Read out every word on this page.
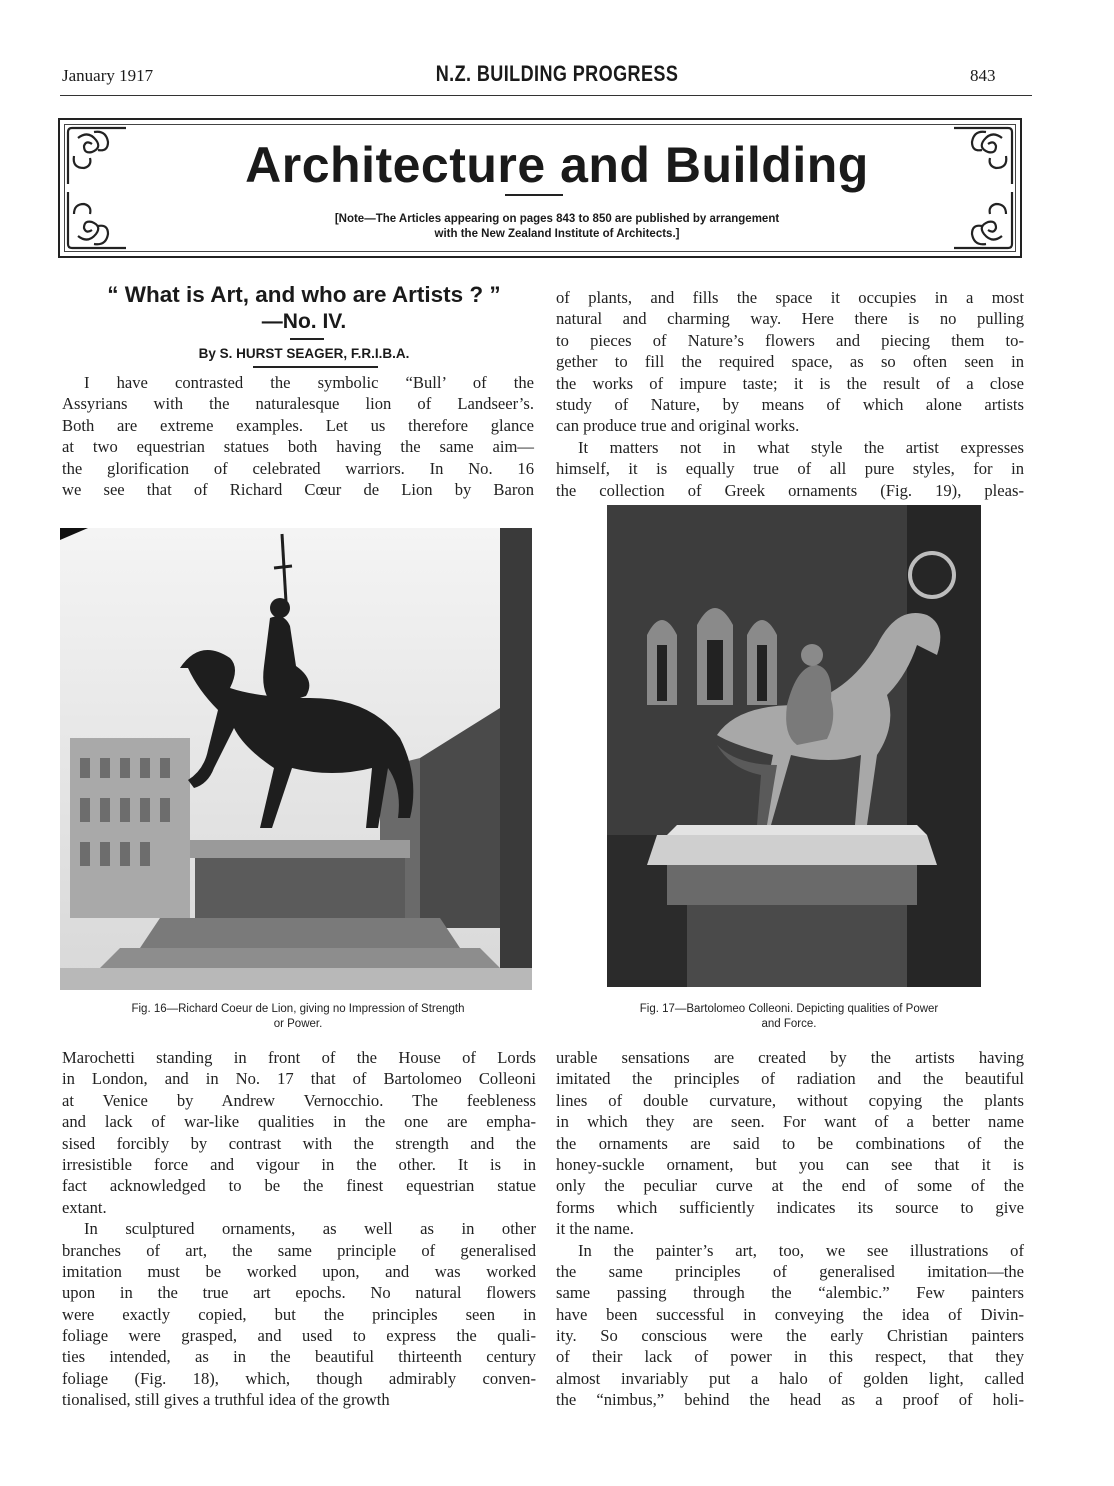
January 1917	N.Z. BUILDING PROGRESS	843
Architecture and Building
[Note—The Articles appearing on pages 843 to 850 are published by arrangement
with the New Zealand Institute of Architects.]
“ What is Art, and who are Artists ? ”
—No. IV.
By S. HURST SEAGER, F.R.I.B.A.
I have contrasted the symbolic “Bull’ of the
Assyrians with the naturalesque lion of Landseer’s.
Both are extreme examples. Let us therefore glance
at two equestrian statues both having the same aim—
the glorification of celebrated warriors. In No. 16
we see that of Richard Cœur de Lion by Baron
of plants, and fills the space it occupies in a most
natural and charming way. Here there is no pulling
to pieces of Nature’s flowers and piecing them to-
gether to fill the required space, as so often seen in
the works of impure taste; it is the result of a close
study of Nature, by means of which alone artists
can produce true and original works.
It matters not in what style the artist expresses
himself, it is equally true of all pure styles, for in
the collection of Greek ornaments (Fig. 19), pleas-
Fig. 16—Richard Coeur de Lion, giving no Impression of Strength
or Power.
Fig. 17—Bartolomeo Colleoni. Depicting qualities of Power
and Force.
Marochetti standing in front of the House of Lords
in London, and in No. 17 that of Bartolomeo Colleoni
at Venice by Andrew Vernocchio. The feebleness
and lack of war-like qualities in the one are empha-
sised forcibly by contrast with the strength and the
irresistible force and vigour in the other. It is in
fact acknowledged to be the finest equestrian statue
extant.
In sculptured ornaments, as well as in other
branches of art, the same principle of generalised
imitation must be worked upon, and was worked
upon in the true art epochs. No natural flowers
were exactly copied, but the principles seen in
foliage were grasped, and used to express the quali-
ties intended, as in the beautiful thirteenth century
foliage (Fig. 18), which, though admirably conven-
tionalised, still gives a truthful idea of the growth
urable sensations are created by the artists having
imitated the principles of radiation and the beautiful
lines of double curvature, without copying the plants
in which they are seen. For want of a better name
the ornaments are said to be combinations of the
honey-suckle ornament, but you can see that it is
only the peculiar curve at the end of some of the
forms which sufficiently indicates its source to give
it the name.
In the painter’s art, too, we see illustrations of
the same principles of generalised imitation—the
same passing through the “alembic.” Few painters
have been successful in conveying the idea of Divin-
ity. So conscious were the early Christian painters
of their lack of power in this respect, that they
almost invariably put a halo of golden light, called
the “nimbus,” behind the head as a proof of holi-
